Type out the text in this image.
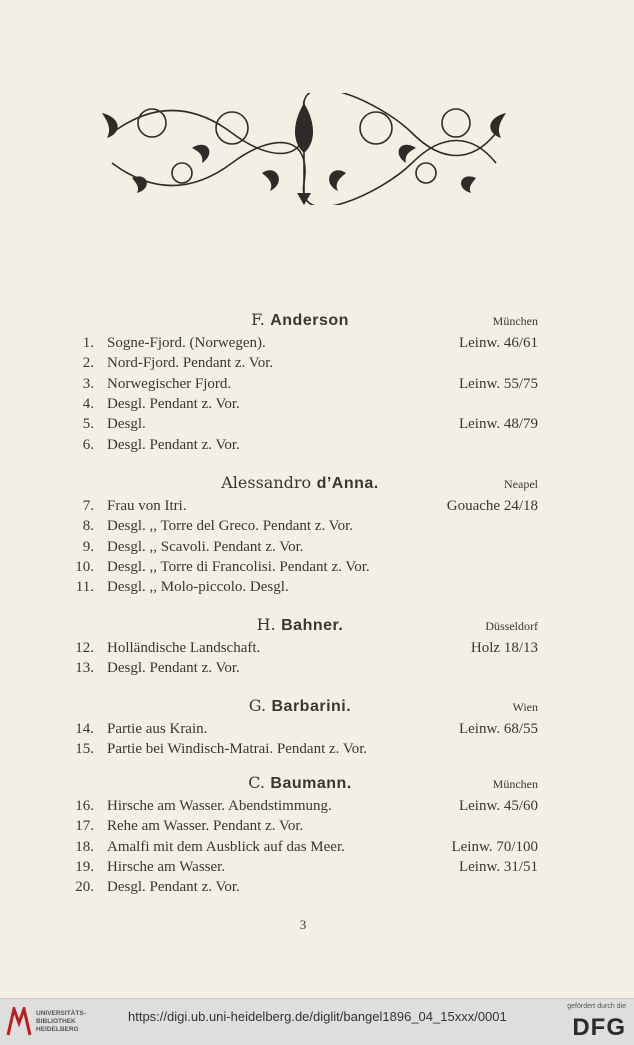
F. Anderson	München
1. Sogne-Fjord. (Norwegen).	Leinw. 46/61
2. Nord-Fjord. Pendant z. Vor.
3. Norwegischer Fjord.	Leinw. 55/75
4. Desgl. Pendant z. Vor.
5. Desgl.	Leinw. 48/79
6. Desgl. Pendant z. Vor.
Alessandro d’Anna.	Neapel
7. Frau von Itri.	Gouache 24/18
8. Desgl. ,, Torre del Greco. Pendant z. Vor.
9. Desgl. ,, Scavoli. Pendant z. Vor.
10. Desgl. ,, Torre di Francolisi. Pendant z. Vor.
11. Desgl. ,, Molo-piccolo. Desgl.
H. Bahner.	Düsseldorf
12. Holländische Landschaft.	Holz 18/13
13. Desgl. Pendant z. Vor.
G. Barbarini.	Wien
14. Partie aus Krain.	Leinw. 68/55
15. Partie bei Windisch-Matrai. Pendant z. Vor.
C. Baumann.	München
16. Hirsche am Wasser. Abendstimmung.	Leinw. 45/60
17. Rehe am Wasser. Pendant z. Vor.
18. Amalfi mit dem Ausblick auf das Meer.	Leinw. 70/100
19. Hirsche am Wasser.	Leinw. 31/51
20. Desgl. Pendant z. Vor.
3
UNIVERSITÄTS-
BIBLIOTHEK
HEIDELBERG
https://digi.ub.uni-heidelberg.de/diglit/bangel1896_04_15xxx/0001
gefördert durch die
DFG
